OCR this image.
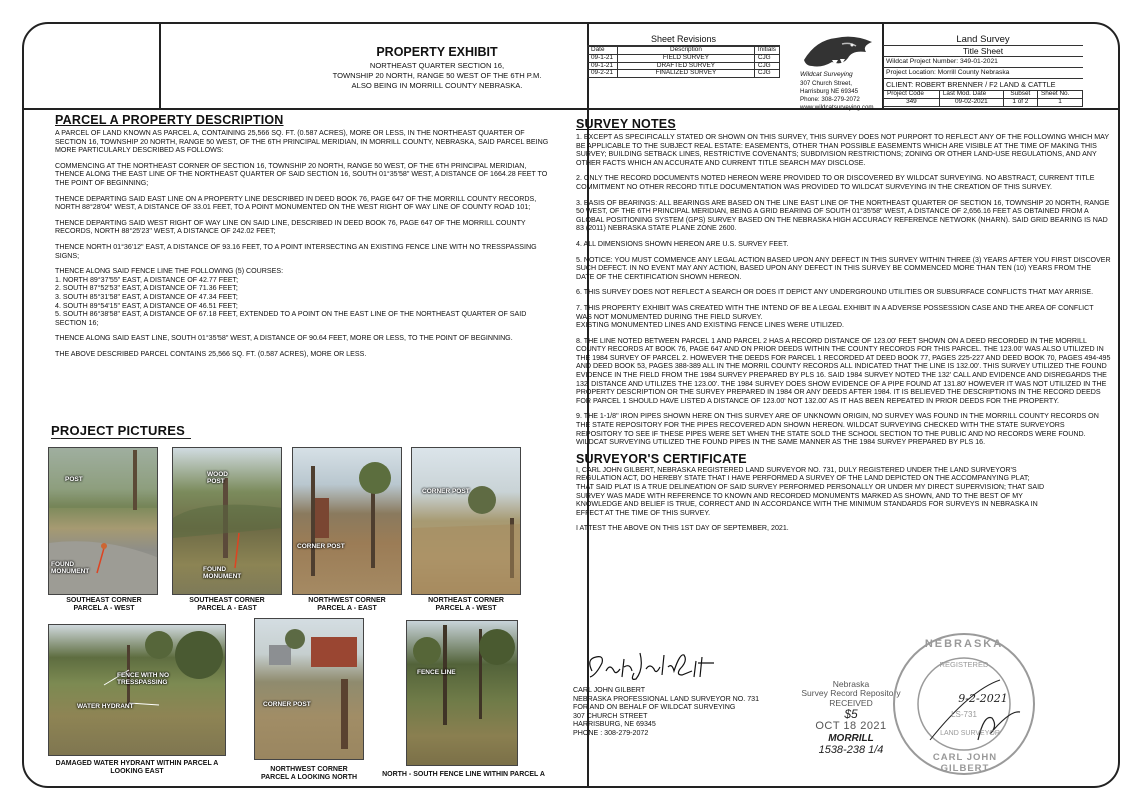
PROPERTY EXHIBIT
NORTHEAST QUARTER SECTION 16,
TOWNSHIP 20 NORTH, RANGE 50 WEST OF THE 6TH P.M.
ALSO BEING IN MORRILL COUNTY NEBRASKA.
Sheet Revisions
Date	Description	Initials
09-1-21	FIELD SURVEY	CJG
09-1-21	DRAFTED SURVEY	CJG
09-2-21	FINALIZED SURVEY	CJG	Wildcat Surveying
307 Church Street,
Harrisburg NE 69345
Phone: 308-279-2072
www.wildcatsurveying.com
Land Survey
Title Sheet
Wildcat Project Number: 349-01-2021
Project Location: Morrill County Nebraska
CLIENT: ROBERT BRENNER / F2 LAND & CATTLE
Project Code	Last Mod. Date	Subset	Sheet No.
349	09-02-2021	1 of 2	1
PARCEL A PROPERTY DESCRIPTION
A PARCEL OF LAND KNOWN AS PARCEL A, CONTAINING 25,566 SQ. FT. (0.587 ACRES), MORE OR LESS, IN THE NORTHEAST QUARTER OF SECTION 16, TOWNSHIP 20 NORTH, RANGE 50 WEST, OF THE 6TH PRINCIPAL MERIDIAN, IN MORRILL COUNTY, NEBRASKA, SAID PARCEL BEING MORE PARTICULARLY DESCRIBED AS FOLLOWS:
COMMENCING AT THE NORTHEAST CORNER OF SECTION 16, TOWNSHIP 20 NORTH, RANGE 50 WEST, OF THE 6TH PRINCIPAL MERIDIAN, THENCE ALONG THE EAST LINE OF THE NORTHEAST QUARTER OF SAID SECTION 16, SOUTH 01°35'58" WEST, A DISTANCE OF 1664.28 FEET TO THE POINT OF BEGINNING;
THENCE DEPARTING SAID EAST LINE ON A PROPERTY LINE DESCRIBED IN DEED BOOK 76, PAGE 647 OF THE MORRILL COUNTY RECORDS, NORTH 88°28'04" WEST, A DISTANCE OF 33.01 FEET, TO A POINT MONUMENTED ON THE WEST RIGHT OF WAY LINE OF COUNTY ROAD 101;
THENCE DEPARTING SAID WEST RIGHT OF WAY LINE ON SAID LINE, DESCRIBED IN DEED BOOK 76, PAGE 647 OF THE MORRILL COUNTY RECORDS, NORTH 88°25'23" WEST, A DISTANCE OF 242.02 FEET;
THENCE NORTH 01°36'12" EAST, A DISTANCE OF 93.16 FEET, TO A POINT INTERSECTING AN EXISTING FENCE LINE WITH NO TRESSPASSING SIGNS;
THENCE ALONG SAID FENCE LINE THE FOLLOWING (5) COURSES:
1. NORTH 89°37'55" EAST, A DISTANCE OF 42.77 FEET;
2. SOUTH 87°52'53" EAST, A DISTANCE OF 71.36 FEET;
3. SOUTH 85°31'58" EAST, A DISTANCE OF 47.34 FEET;
4. SOUTH 89°54'15" EAST, A DISTANCE OF 46.51 FEET;
5. SOUTH 86°38'58" EAST, A DISTANCE OF 67.18 FEET, EXTENDED TO A POINT ON THE EAST LINE OF THE NORTHEAST QUARTER OF SAID SECTION 16;
THENCE ALONG SAID EAST LINE, SOUTH 01°35'58" WEST, A DISTANCE OF 90.64 FEET, MORE OR LESS, TO THE POINT OF BEGINNING.
THE ABOVE DESCRIBED PARCEL CONTAINS 25,566 SQ. FT. (0.587 ACRES), MORE OR LESS.
PROJECT PICTURES
FOUND
MONUMENT
POST
SOUTHEAST CORNER
PARCEL A - WEST
WOOD
POST
FOUND
MONUMENT
SOUTHEAST CORNER
PARCEL A - EAST
CORNER POST
NORTHWEST CORNER
PARCEL A - EAST
CORNER POST
NORTHEAST CORNER
PARCEL A - WEST
FENCE WITH NO
TRESSPASSING
WATER HYDRANT
DAMAGED WATER HYDRANT WITHIN PARCEL A
LOOKING EAST
CORNER POST
NORTHWEST CORNER
PARCEL A LOOKING NORTH
FENCE LINE
NORTH - SOUTH FENCE LINE WITHIN PARCEL A
SURVEY NOTES
1. EXCEPT AS SPECIFICALLY STATED OR SHOWN ON THIS SURVEY, THIS SURVEY DOES NOT PURPORT TO REFLECT ANY OF THE FOLLOWING WHICH MAY BE APPLICABLE TO THE SUBJECT REAL ESTATE: EASEMENTS, OTHER THAN POSSIBLE EASEMENTS WHICH ARE VISIBLE AT THE TIME OF MAKING THIS SURVEY; BUILDING SETBACK LINES, RESTRICTIVE COVENANTS; SUBDIVISION RESTRICTIONS; ZONING OR OTHER LAND-USE REGULATIONS, AND ANY OTHER FACTS WHICH AN ACCURATE AND CURRENT TITLE SEARCH MAY DISCLOSE.
2. ONLY THE RECORD DOCUMENTS NOTED HEREON WERE PROVIDED TO OR DISCOVERED BY WILDCAT SURVEYING. NO ABSTRACT, CURRENT TITLE COMMITMENT NO OTHER RECORD TITLE DOCUMENTATION WAS PROVIDED TO WILDCAT SURVEYING IN THE CREATION OF THIS SURVEY.
3. BASIS OF BEARINGS: ALL BEARINGS ARE BASED ON THE LINE EAST LINE OF THE NORTHEAST QUARTER OF SECTION 16, TOWNSHIP 20 NORTH, RANGE 50 WEST, OF THE 6TH PRINCIPAL MERIDIAN, BEING A GRID BEARING OF SOUTH 01°35'58" WEST, A DISTANCE OF 2,656.16 FEET AS OBTAINED FROM A GLOBAL POSITIONING SYSTEM (GPS) SURVEY BASED ON THE NEBRASKA HIGH ACCURACY REFERENCE NETWORK (NHARN). SAID GRID BEARING IS NAD 83 (2011) NEBRASKA STATE PLANE ZONE 2600.
4. ALL DIMENSIONS SHOWN HEREON ARE U.S. SURVEY FEET.
5. NOTICE: YOU MUST COMMENCE ANY LEGAL ACTION BASED UPON ANY DEFECT IN THIS SURVEY WITHIN THREE (3) YEARS AFTER YOU FIRST DISCOVER SUCH DEFECT. IN NO EVENT MAY ANY ACTION, BASED UPON ANY DEFECT IN THIS SURVEY BE COMMENCED MORE THAN TEN (10) YEARS FROM THE DATE OF THE CERTIFICATION SHOWN HEREON.
6. THIS SURVEY DOES NOT REFLECT A SEARCH OR DOES IT DEPICT ANY UNDERGROUND UTILITIES OR SUBSURFACE CONFLICTS THAT MAY ARRISE.
7. THIS PROPERTY EXHIBIT WAS CREATED WITH THE INTEND OF BE A LEGAL EXHIBIT IN A ADVERSE POSSESSION CASE AND THE AREA OF CONFLICT WAS NOT MONUMENTED DURING THE FIELD SURVEY.
EXISTING MONUMENTED LINES AND EXISTING FENCE LINES WERE UTILIZED.
8. THE LINE NOTED BETWEEN PARCEL 1 AND PARCEL 2 HAS A RECORD DISTANCE OF 123.00' FEET SHOWN ON A DEED RECORDED IN THE MORRILL COUNTY RECORDS AT BOOK 76, PAGE 647 AND ON PRIOR DEEDS WITHIN THE COUNTY RECORDS FOR THIS PARCEL. THE 123.00' WAS ALSO UTILIZED IN THE 1984 SURVEY OF PARCEL 2. HOWEVER THE DEEDS FOR PARCEL 1 RECORDED AT DEED BOOK 77, PAGES 225-227 AND DEED BOOK 70, PAGES 494-495 AND DEED BOOK 53, PAGES 388-389 ALL IN THE MORRIL COUNTY RECORDS ALL INDICATED THAT THE LINE IS 132.00'. THIS SURVEY UTILIZED THE FOUND EVIDENCE IN THE FIELD FROM THE 1984 SURVEY PREPARED BY PLS 16. SAID 1984 SURVEY NOTED THE 132' CALL AND EVIDENCE AND DISREGARDS THE 132' DISTANCE AND UTILIZES THE 123.00'. THE 1984 SURVEY DOES SHOW EVIDENCE OF A PIPE FOUND AT 131.80' HOWEVER IT WAS NOT UTILIZED IN THE PROPERTY DESCRIPTION OR THE SURVEY PREPARED IN 1984 OR ANY DEEDS AFTER 1984. IT IS BELIEVED THE DESCRIPTIONS IN THE RECORD DEEDS FOR PARCEL 1 SHOULD HAVE LISTED A DISTANCE OF 123.00' NOT 132.00' AS IT HAS BEEN REPEATED IN PRIOR DEEDS FOR THE PROPERTY.
9. THE 1-1/8" IRON PIPES SHOWN HERE ON THIS SURVEY ARE OF UNKNOWN ORIGIN, NO SURVEY WAS FOUND IN THE MORRILL COUNTY RECORDS ON THE STATE REPOSITORY FOR THE PIPES RECOVERED ADN SHOWN HEREON. WILDCAT SURVEYING CHECKED WITH THE STATE SURVEYORS REPOSITORY TO SEE IF THESE PIPES WERE SET WHEN THE STATE SOLD THE SCHOOL SECTION TO THE PUBLIC AND NO RECORDS WERE FOUND. WILDCAT SURVEYING UTILIZED THE FOUND PIPES IN THE SAME MANNER AS THE 1984 SURVEY PREPARED BY PLS 16.
SURVEYOR'S CERTIFICATE
I, CARL JOHN GILBERT, NEBRASKA REGISTERED LAND SURVEYOR NO. 731, DULY REGISTERED UNDER THE LAND SURVEYOR'S REGULATION ACT, DO HEREBY STATE THAT I HAVE PERFORMED A SURVEY OF THE LAND DEPICTED ON THE ACCOMPANYING PLAT; THAT SAID PLAT IS A TRUE DELINEATION OF SAID SURVEY PERFORMED PERSONALLY OR UNDER MY DIRECT SUPERVISION; THAT SAID SURVEY WAS MADE WITH REFERENCE TO KNOWN AND RECORDED MONUMENTS MARKED AS SHOWN, AND TO THE BEST OF MY KNOWLEDGE AND BELIEF IS TRUE, CORRECT AND IN ACCORDANCE WITH THE MINIMUM STANDARDS FOR SURVEYS IN NEBRASKA IN EFFECT AT THE TIME OF THIS SURVEY.
I ATTEST THE ABOVE ON THIS 1ST DAY OF SEPTEMBER, 2021.
CARL JOHN GILBERT
NEBRASKA PROFESSIONAL LAND SURVEYOR NO. 731
FOR AND ON BEHALF OF WILDCAT SURVEYING
307 CHURCH STREET
HARRISBURG, NE 69345
PHONE : 308-279-2072
Nebraska
Survey Record Repository
RECEIVED
$5
OCT 18 2021
MORRILL
1538-238 1/4
NEBRASKA
REGISTERED
LS-731
LAND SURVEYOR
CARL JOHN GILBERT
9-2-2021
